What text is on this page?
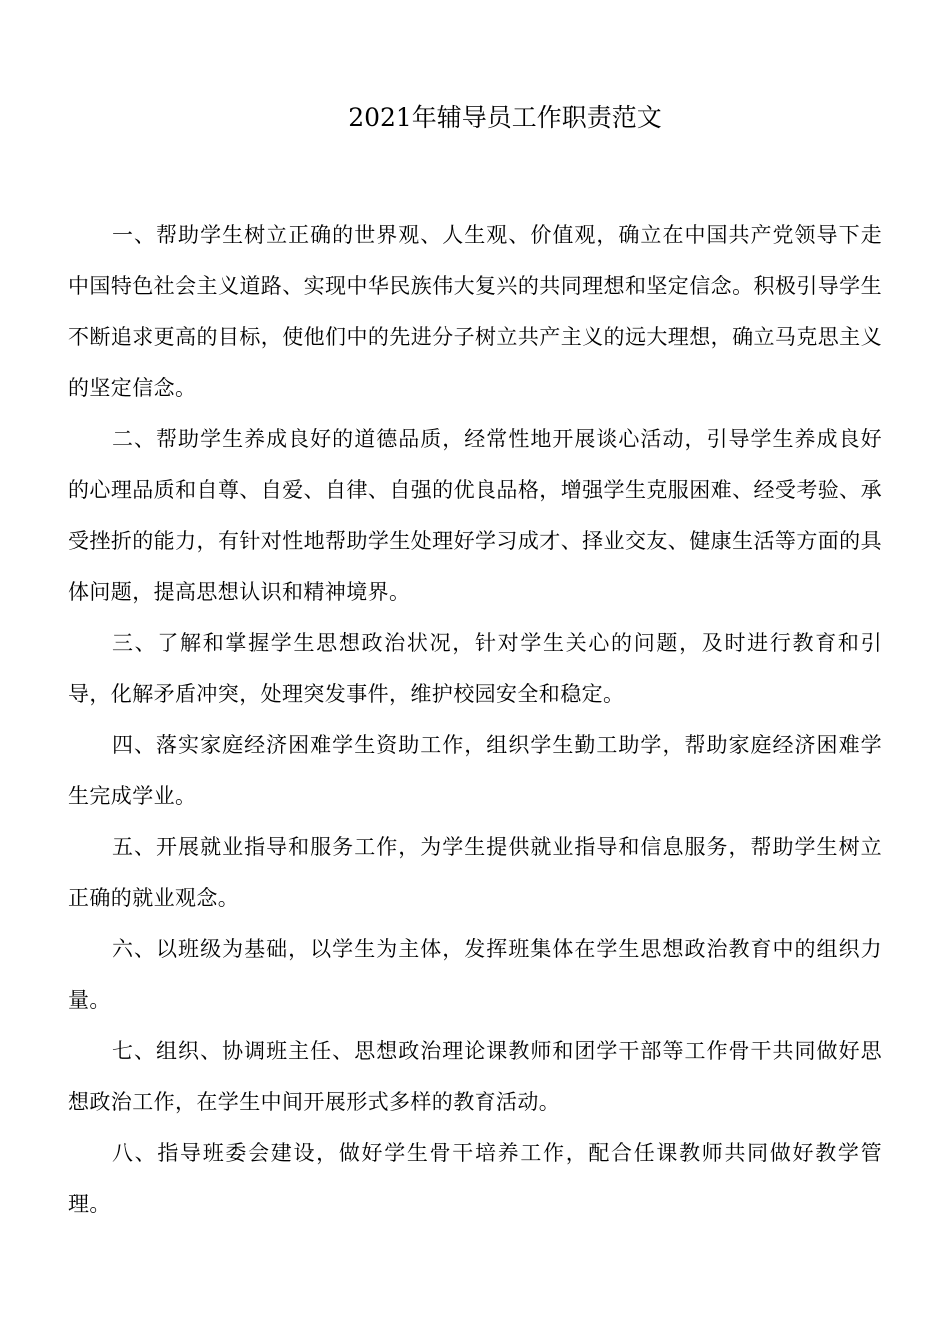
2021年辅导员工作职责范文

一、帮助学生树立正确的世界观、人生观、价值观，确立在中国共产党领导下走中国特色社会主义道路、实现中华民族伟大复兴的共同理想和坚定信念。积极引导学生不断追求更高的目标，使他们中的先进分子树立共产主义的远大理想，确立马克思主义的坚定信念。

二、帮助学生养成良好的道德品质，经常性地开展谈心活动，引导学生养成良好的心理品质和自尊、自爱、自律、自强的优良品格，增强学生克服困难、经受考验、承受挫折的能力，有针对性地帮助学生处理好学习成才、择业交友、健康生活等方面的具体问题，提高思想认识和精神境界。

三、了解和掌握学生思想政治状况，针对学生关心的问题，及时进行教育和引导，化解矛盾冲突，处理突发事件，维护校园安全和稳定。

四、落实家庭经济困难学生资助工作，组织学生勤工助学，帮助家庭经济困难学生完成学业。

五、开展就业指导和服务工作，为学生提供就业指导和信息服务，帮助学生树立正确的就业观念。

六、以班级为基础，以学生为主体，发挥班集体在学生思想政治教育中的组织力量。

七、组织、协调班主任、思想政治理论课教师和团学干部等工作骨干共同做好思想政治工作，在学生中间开展形式多样的教育活动。

八、指导班委会建设，做好学生骨干培养工作，配合任课教师共同做好教学管理。
